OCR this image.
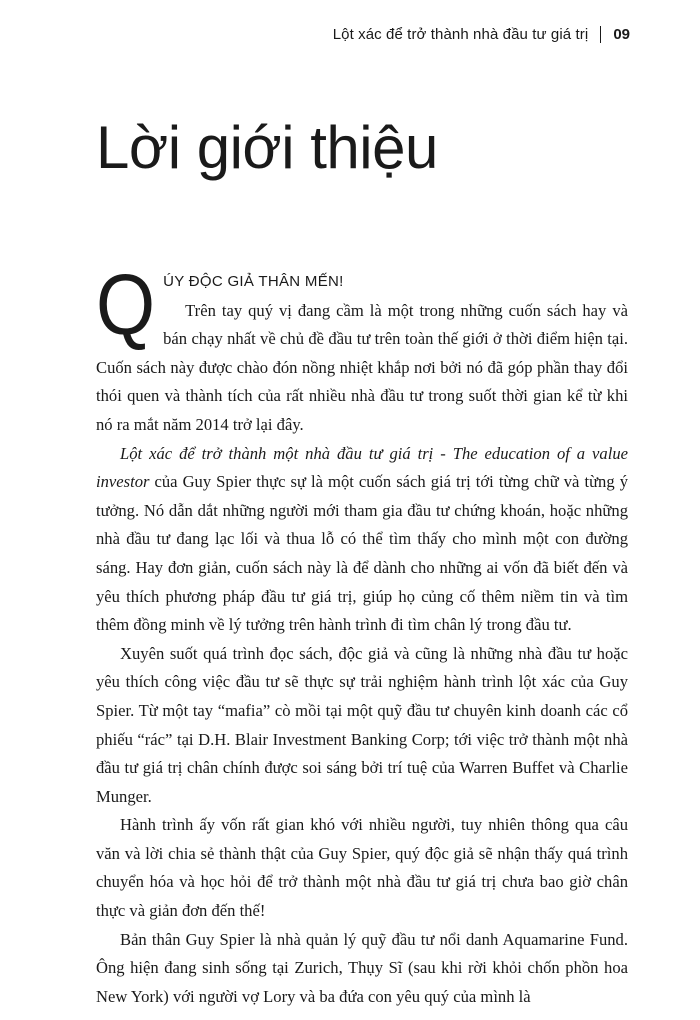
Lột xác để trở thành nhà đầu tư giá trị 09
Lời giới thiệu
Q ÚY ĐỘC GIẢ THÂN MẾN!

Trên tay quý vị đang cầm là một trong những cuốn sách hay và bán chạy nhất về chủ đề đầu tư trên toàn thế giới ở thời điểm hiện tại. Cuốn sách này được chào đón nồng nhiệt khắp nơi bởi nó đã góp phần thay đổi thói quen và thành tích của rất nhiều nhà đầu tư trong suốt thời gian kể từ khi nó ra mắt năm 2014 trở lại đây.

Lột xác để trở thành một nhà đầu tư giá trị - The education of a value investor của Guy Spier thực sự là một cuốn sách giá trị tới từng chữ và từng ý tưởng. Nó dẫn dắt những người mới tham gia đầu tư chứng khoán, hoặc những nhà đầu tư đang lạc lối và thua lỗ có thể tìm thấy cho mình một con đường sáng. Hay đơn giản, cuốn sách này là để dành cho những ai vốn đã biết đến và yêu thích phương pháp đầu tư giá trị, giúp họ củng cố thêm niềm tin và tìm thêm đồng minh về lý tưởng trên hành trình đi tìm chân lý trong đầu tư.

Xuyên suốt quá trình đọc sách, độc giả và cũng là những nhà đầu tư hoặc yêu thích công việc đầu tư sẽ thực sự trải nghiệm hành trình lột xác của Guy Spier. Từ một tay “mafia” cò mồi tại một quỹ đầu tư chuyên kinh doanh các cổ phiếu “rác” tại D.H. Blair Investment Banking Corp; tới việc trở thành một nhà đầu tư giá trị chân chính được soi sáng bởi trí tuệ của Warren Buffet và Charlie Munger.

Hành trình ấy vốn rất gian khó với nhiều người, tuy nhiên thông qua câu văn và lời chia sẻ thành thật của Guy Spier, quý độc giả sẽ nhận thấy quá trình chuyển hóa và học hỏi để trở thành một nhà đầu tư giá trị chưa bao giờ chân thực và giản đơn đến thế!

Bản thân Guy Spier là nhà quản lý quỹ đầu tư nổi danh Aquamarine Fund. Ông hiện đang sinh sống tại Zurich, Thụy Sĩ (sau khi rời khỏi chốn phồn hoa New York) với người vợ Lory và ba đứa con yêu quý của mình là
